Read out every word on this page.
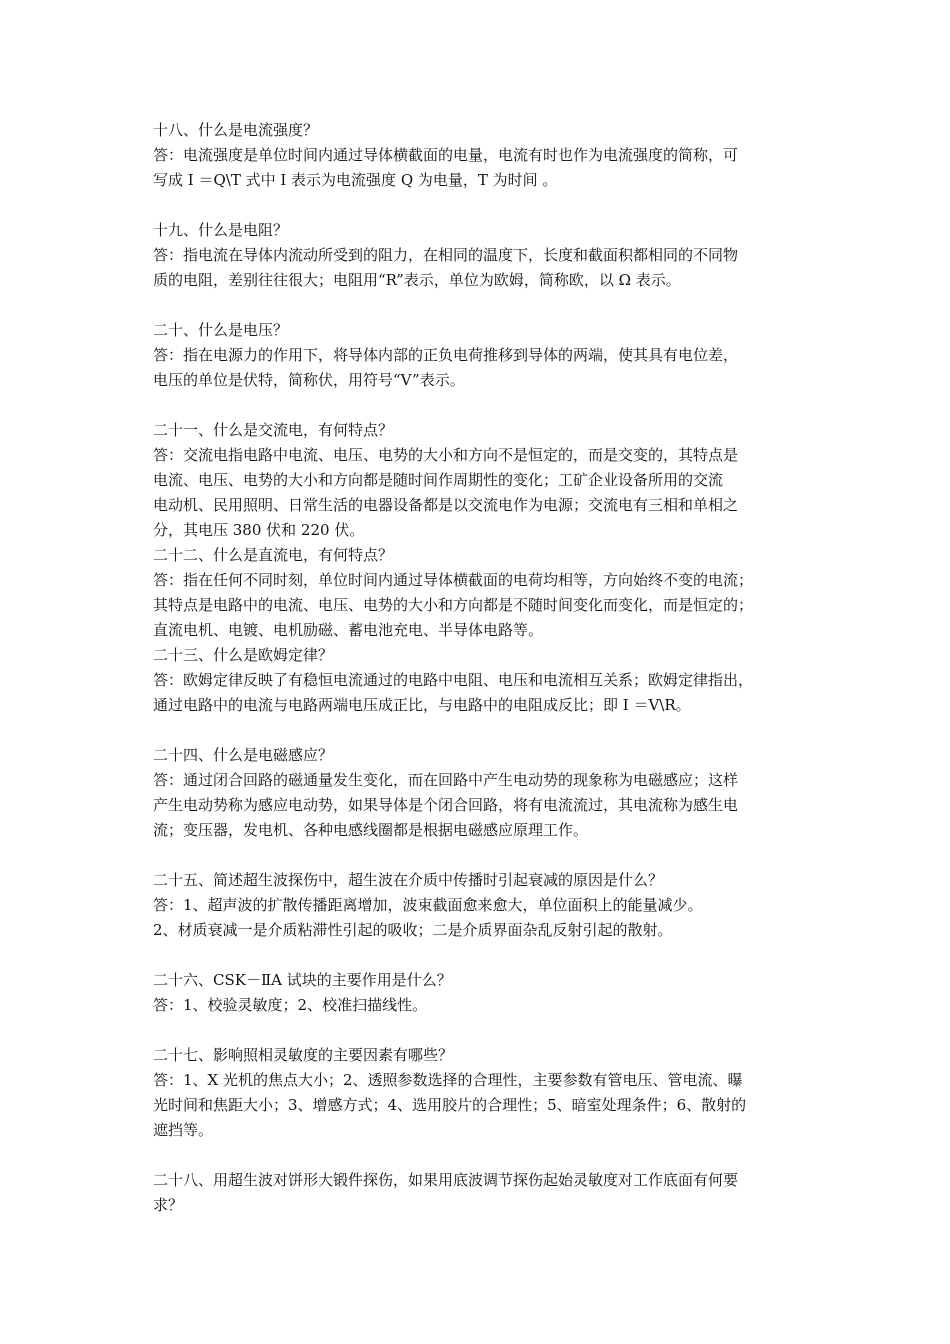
十八、什么是电流强度？

答：电流强度是单位时间内通过导体横截面的电量，电流有时也作为电流强度的简称，可

写成 I ＝Q\T 式中 I 表示为电流强度 Q 为电量，T 为时间 。

十九、什么是电阻？

答：指电流在导体内流动所受到的阻力，在相同的温度下，长度和截面积都相同的不同物

质的电阻，差别往往很大；电阻用“R”表示，单位为欧姆，简称欧，以 Ω 表示。

二十、什么是电压？

答：指在电源力的作用下，将导体内部的正负电荷推移到导体的两端，使其具有电位差，

电压的单位是伏特，简称伏，用符号“V”表示。

二十一、什么是交流电，有何特点？

答：交流电指电路中电流、电压、电势的大小和方向不是恒定的，而是交变的，其特点是

电流、电压、电势的大小和方向都是随时间作周期性的变化；工矿企业设备所用的交流

电动机、民用照明、日常生活的电器设备都是以交流电作为电源；交流电有三相和单相之

分，其电压 380 伏和 220 伏。

二十二、什么是直流电，有何特点？

答：指在任何不同时刻，单位时间内通过导体横截面的电荷均相等，方向始终不变的电流；

其特点是电路中的电流、电压、电势的大小和方向都是不随时间变化而变化，而是恒定的；

直流电机、电镀、电机励磁、蓄电池充电、半导体电路等。

二十三、什么是欧姆定律？

答：欧姆定律反映了有稳恒电流通过的电路中电阻、电压和电流相互关系；欧姆定律指出，

通过电路中的电流与电路两端电压成正比，与电路中的电阻成反比；即 I ＝V\R。

二十四、什么是电磁感应？

答：通过闭合回路的磁通量发生变化，而在回路中产生电动势的现象称为电磁感应；这样

产生电动势称为感应电动势，如果导体是个闭合回路，将有电流流过，其电流称为感生电

流；变压器，发电机、各种电感线圈都是根据电磁感应原理工作。

二十五、简述超生波探伤中，超生波在介质中传播时引起衰减的原因是什么？

答：1、超声波的扩散传播距离增加，波束截面愈来愈大，单位面积上的能量减少。

2、材质衰减一是介质粘滞性引起的吸收；二是介质界面杂乱反射引起的散射。

二十六、CSK－ⅡA 试块的主要作用是什么？

答：1、校验灵敏度；2、校准扫描线性。

二十七、影响照相灵敏度的主要因素有哪些？

答：1、X 光机的焦点大小；2、透照参数选择的合理性，主要参数有管电压、管电流、曝

光时间和焦距大小；3、增感方式；4、选用胶片的合理性；5、暗室处理条件；6、散射的

遮挡等。

二十八、用超生波对饼形大锻件探伤，如果用底波调节探伤起始灵敏度对工作底面有何要

求？
